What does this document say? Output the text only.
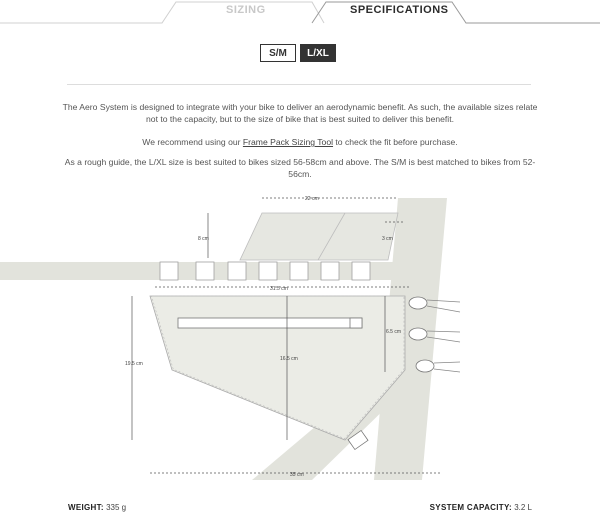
SIZING	SPECIFICATIONS
S/M	L/XL
The Aero System is designed to integrate with your bike to deliver an aerodynamic benefit. As such, the available sizes relate not to the capacity, but to the size of bike that is best suited to deliver this benefit.
We recommend using our Frame Pack Sizing Tool to check the fit before purchase.
As a rough guide, the L/XL size is best suited to bikes sized 56-58cm and above. The S/M is best matched to bikes from 52-56cm.
22 cm
8 cm	3 cm
31.5 cm
6.5 cm
19.5 cm
16.5 cm
35 cm
WEIGHT: 335 g	SYSTEM CAPACITY: 3.2 L
